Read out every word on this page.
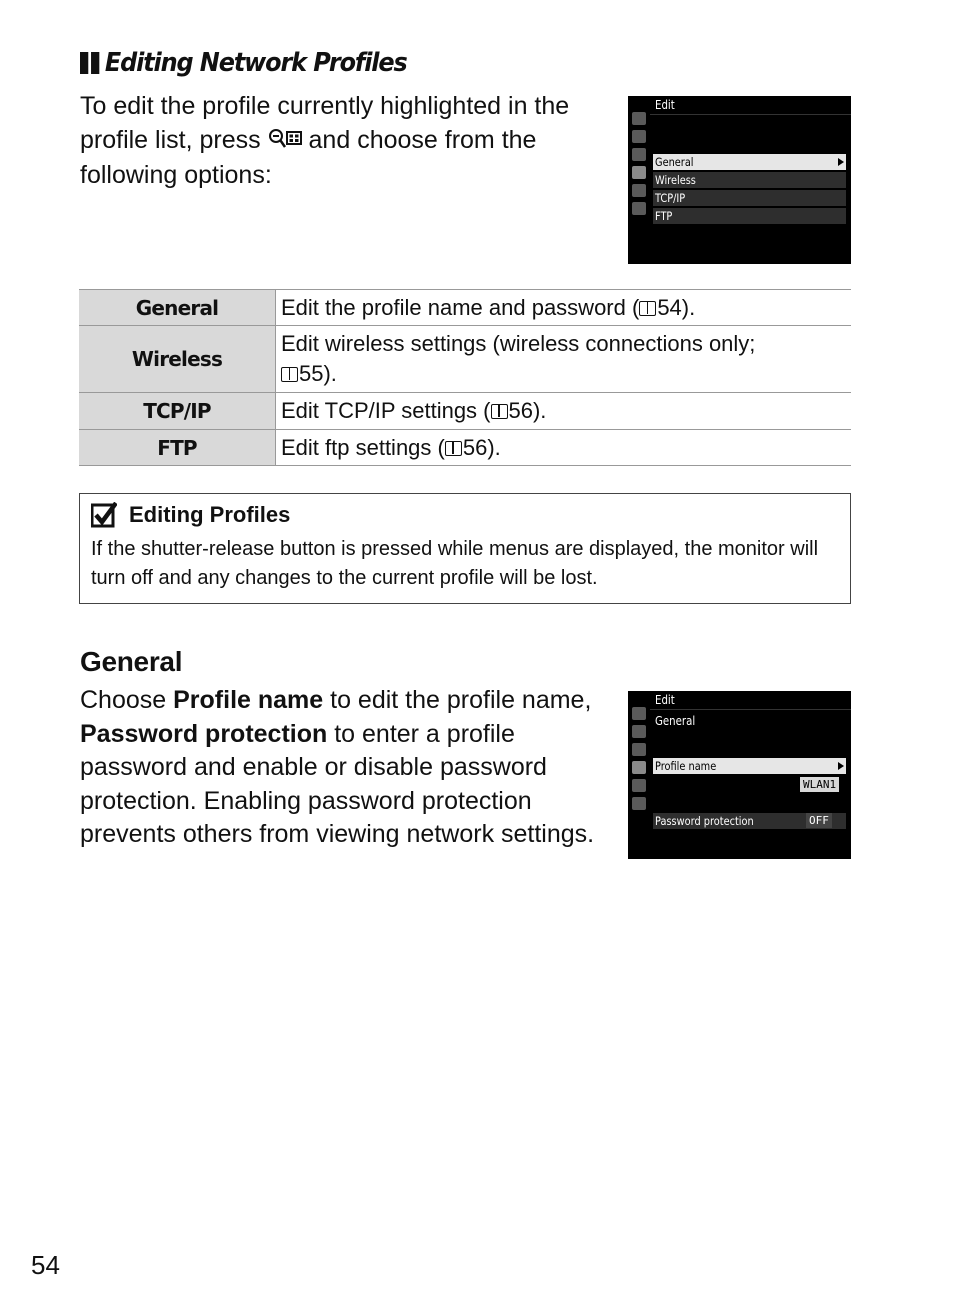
Editing Network Profiles
To edit the profile currently highlighted in the profile list, press and choose from the following options:
Edit
General
Wireless
TCP/IP
FTP
General	Edit the profile name and password ( 54).
Wireless	Edit wireless settings (wireless connections only;
55).
TCP/IP	Edit TCP/IP settings ( 56).
FTP	Edit ftp settings ( 56).
Editing Profiles
If the shutter-release button is pressed while menus are displayed, the monitor will turn off and any changes to the current profile will be lost.
General
Choose Profile name to edit the profile name, Password protection to enter a profile password and enable or disable password protection. Enabling password protection prevents others from viewing network settings.
Edit
General
Profile name
WLAN1
Password protection	OFF
54
